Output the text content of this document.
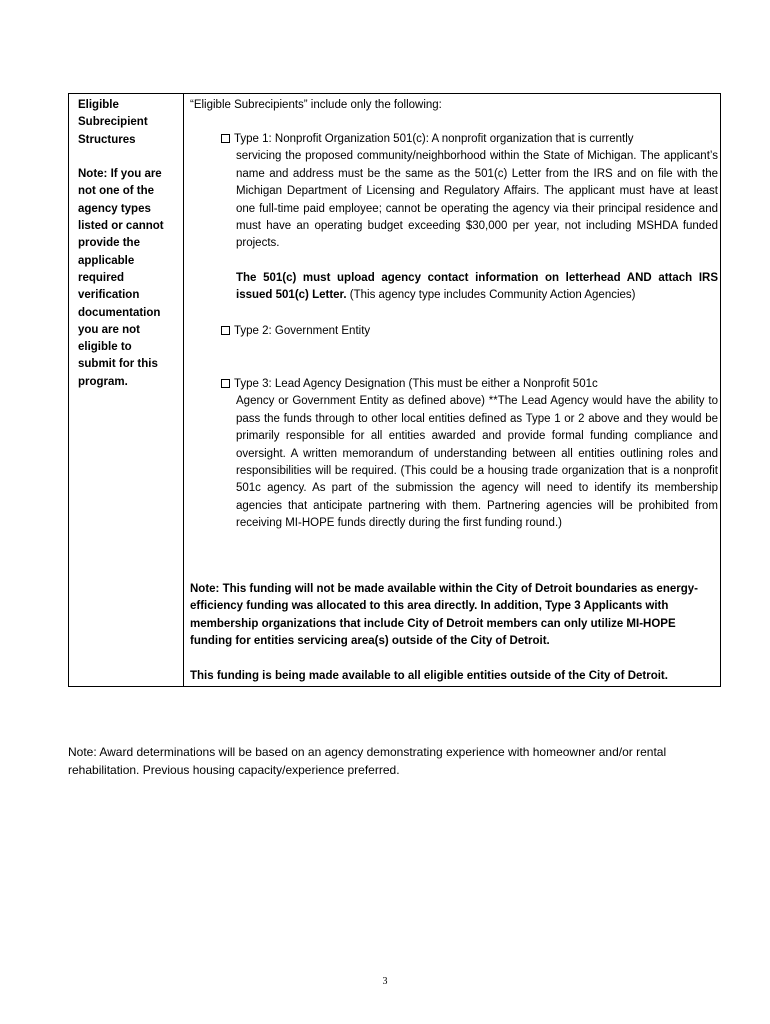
Eligible
Subrecipient
Structures
Note: If you are
not one of the
agency types
listed or cannot
provide the
applicable
required
verification
documentation
you are not
eligible to
submit for this
program.

“Eligible Subrecipients” include only the following:

Type 1: Nonprofit Organization 501(c): A nonprofit organization that is currently
servicing the proposed community/neighborhood within the State of Michigan. The applicant’s name and address must be the same as the 501(c) Letter from the IRS and on file with the Michigan Department of Licensing and Regulatory Affairs. The applicant must have at least one full-time paid employee; cannot be operating the agency via their principal residence and must have an operating budget exceeding $30,000 per year, not including MSHDA funded projects.
The 501(c) must upload agency contact information on letterhead AND attach IRS issued 501(c) Letter. (This agency type includes Community Action Agencies)
Type 2: Government Entity
Type 3: Lead Agency Designation (This must be either a Nonprofit 501c
Agency or Government Entity as defined above) **The Lead Agency would have the ability to pass the funds through to other local entities defined as Type 1 or 2 above and they would be primarily responsible for all entities awarded and provide formal funding compliance and oversight. A written memorandum of understanding between all entities outlining roles and responsibilities will be required. (This could be a housing trade organization that is a nonprofit 501c agency. As part of the submission the agency will need to identify its membership agencies that anticipate partnering with them. Partnering agencies will be prohibited from receiving MI-HOPE funds directly during the first funding round.)
Note: This funding will not be made available within the City of Detroit boundaries as energy- efficiency funding was allocated to this area directly. In addition, Type 3 Applicants with membership organizations that include City of Detroit members can only utilize MI-HOPE funding for entities servicing area(s) outside of the City of Detroit.
This funding is being made available to all eligible entities outside of the City of Detroit.
Note: Award determinations will be based on an agency demonstrating experience with homeowner and/or rental rehabilitation. Previous housing capacity/experience preferred.
3
